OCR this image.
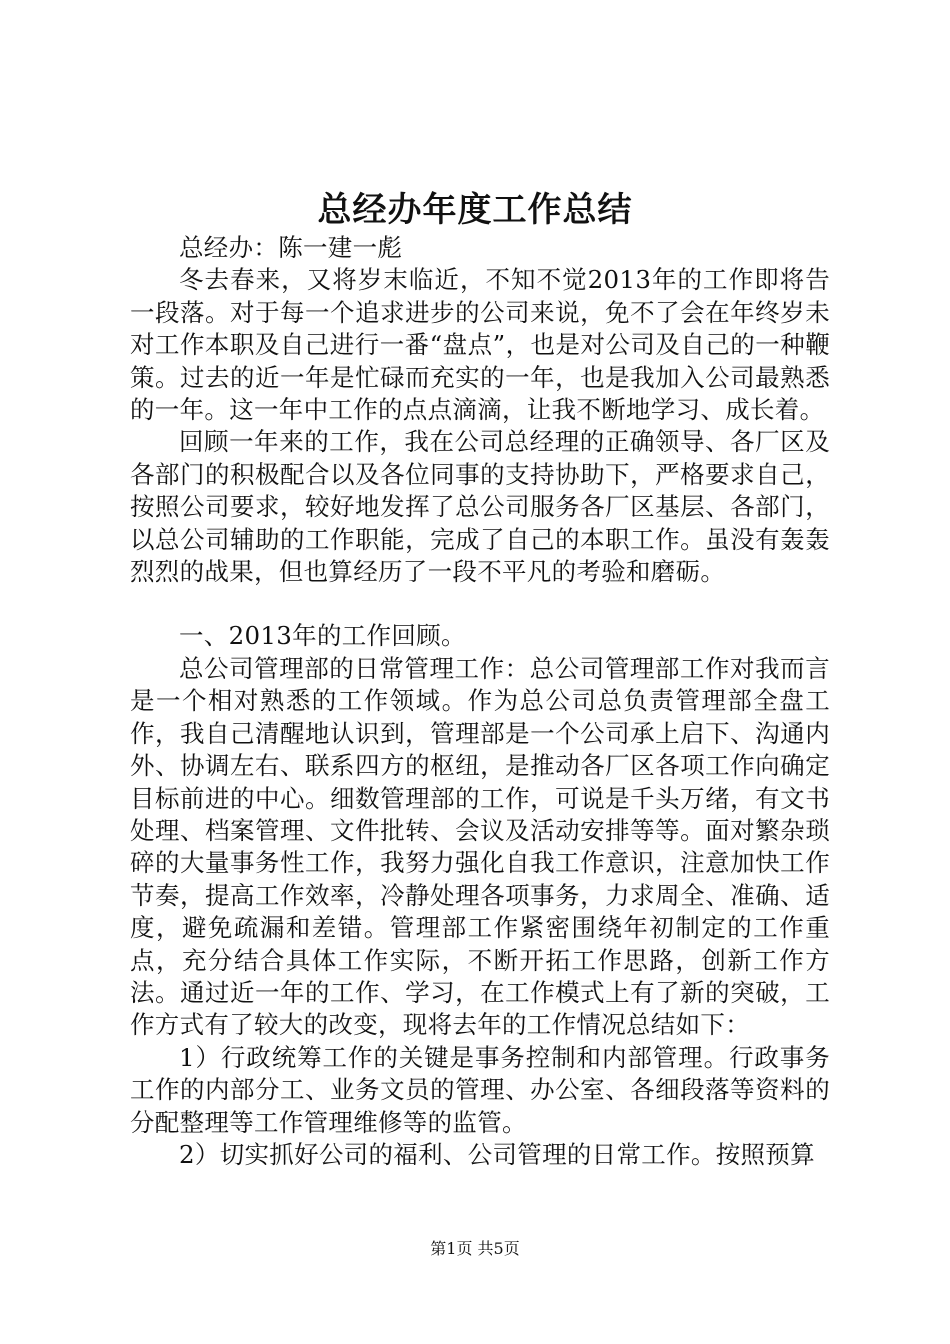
总经办年度工作总结

总经办：陈一建一彪

冬去春来，又将岁末临近，不知不觉2013年的工作即将告一段落。对于每一个追求进步的公司来说，免不了会在年终岁未对工作本职及自己进行一番“盘点”，也是对公司及自己的一种鞭策。过去的近一年是忙碌而充实的一年，也是我加入公司最熟悉的一年。这一年中工作的点点滴滴，让我不断地学习、成长着。

回顾一年来的工作，我在公司总经理的正确领导、各厂区及各部门的积极配合以及各位同事的支持协助下，严格要求自己，按照公司要求，较好地发挥了总公司服务各厂区基层、各部门，以总公司辅助的工作职能，完成了自己的本职工作。虽没有轰轰烈烈的战果，但也算经历了一段不平凡的考验和磨砺。

一、2013年的工作回顾。

总公司管理部的日常管理工作：总公司管理部工作对我而言是一个相对熟悉的工作领域。作为总公司总负责管理部全盘工作，我自己清醒地认识到，管理部是一个公司承上启下、沟通内外、协调左右、联系四方的枢纽，是推动各厂区各项工作向确定目标前进的中心。细数管理部的工作，可说是千头万绪，有文书处理、档案管理、文件批转、会议及活动安排等等。面对繁杂琐碎的大量事务性工作，我努力强化自我工作意识，注意加快工作节奏，提高工作效率，冷静处理各项事务，力求周全、准确、适度，避免疏漏和差错。管理部工作紧密围绕年初制定的工作重点，充分结合具体工作实际，不断开拓工作思路，创新工作方法。通过近一年的工作、学习，在工作模式上有了新的突破，工作方式有了较大的改变，现将去年的工作情况总结如下：

1）行政统筹工作的关键是事务控制和内部管理。行政事务工作的内部分工、业务文员的管理、办公室、各细段落等资料的分配整理等工作管理维修等的监管。

2）切实抓好公司的福利、公司管理的日常工作。按照预算

第1页 共5页
